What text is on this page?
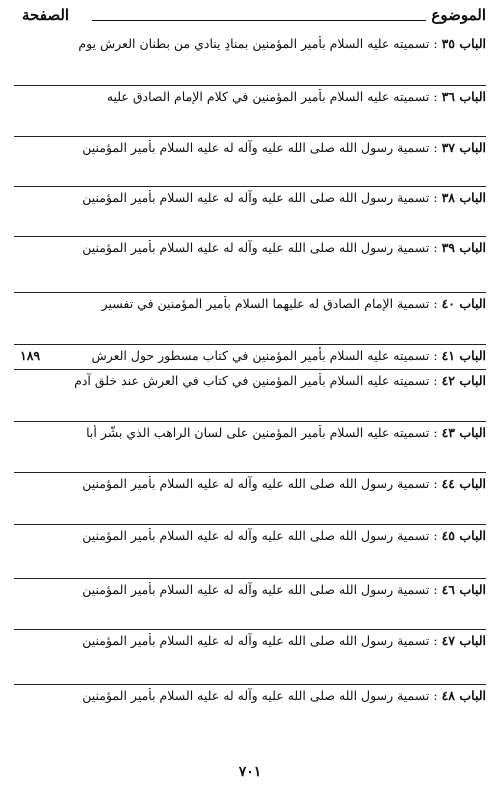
الموضوع
الصفحة
الباب ٣٥ : تسميته عليه السلام بأمير المؤمنين بمنادٍ ينادي من بطنان العرش يوم
الباب ٣٦ : تسميته عليه السلام بأمير المؤمنين في كلام الإمام الصادق عليه
الباب ٣٧ : تسمية رسول الله صلى الله عليه وآله له عليه السلام بأمير المؤمنين
الباب ٣٨ : تسمية رسول الله صلى الله عليه وآله له عليه السلام بأمير المؤمنين
الباب ٣٩ : تسمية رسول الله صلى الله عليه وآله له عليه السلام بأمير المؤمنين
الباب ٤٠ : تسمية الإمام الصادق له عليهما السلام بأمير المؤمنين في تفسير
الباب ٤١ : تسميته عليه السلام بأمير المؤمنين في كتاب مسطور حول العرش
١٨٩
الباب ٤٢ : تسميته عليه السلام بأمير المؤمنين في كتاب في العرش عند خلق آدم
الباب ٤٣ : تسميته عليه السلام بأمير المؤمنين على لسان الراهب الذي بشّر أبا
الباب ٤٤ : تسمية رسول الله صلى الله عليه وآله له عليه السلام بأمير المؤمنين
الباب ٤٥ : تسمية رسول الله صلى الله عليه وآله له عليه السلام بأمير المؤمنين
الباب ٤٦ : تسمية رسول الله صلى الله عليه وآله له عليه السلام بأمير المؤمنين
الباب ٤٧ : تسمية رسول الله صلى الله عليه وآله له عليه السلام بأمير المؤمنين
الباب ٤٨ : تسمية رسول الله صلى الله عليه وآله له عليه السلام بأمير المؤمنين
٧٠١
